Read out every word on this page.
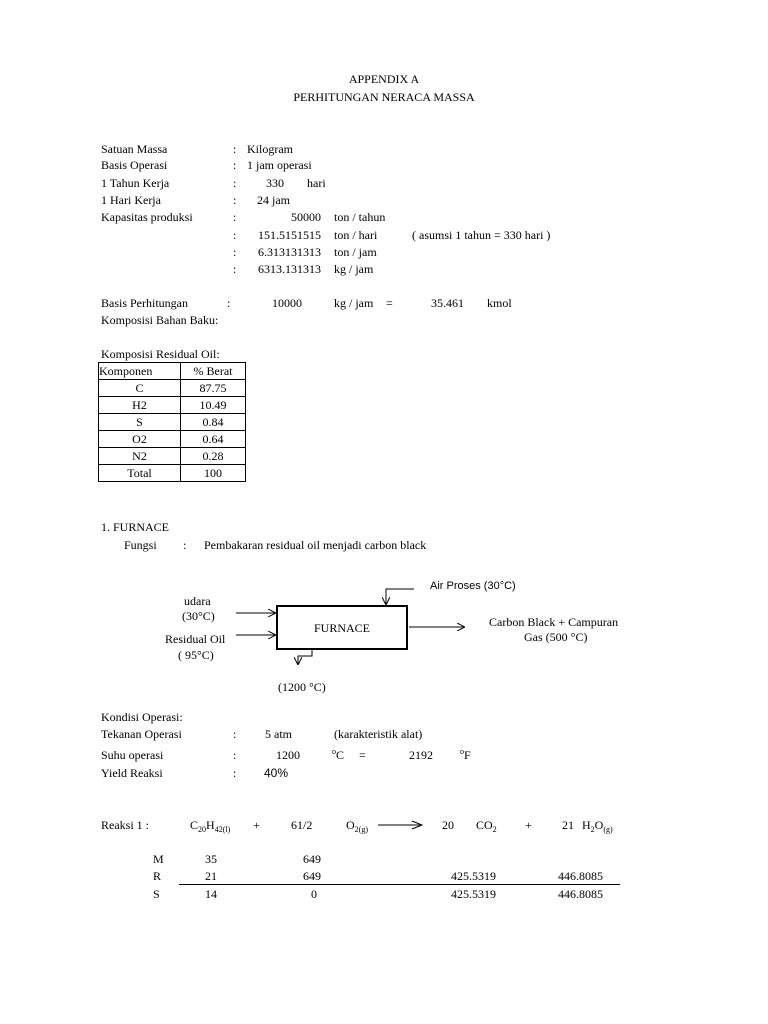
APPENDIX A
PERHITUNGAN NERACA MASSA
Satuan Massa	: Kilogram
Basis Operasi	: 1 jam operasi
1 Tahun Kerja	: 330 hari
1 Hari Kerja	: 24 jam
Kapasitas produksi	:	50000 ton / tahun
:	151.5151515 ton / hari	( asumsi 1 tahun = 330 hari )
:	6.313131313 ton / jam
:	6313.131313 kg / jam
Basis Perhitungan	:	10000	kg / jam =	35.461 kmol
Komposisi Bahan Baku:
Komposisi Residual Oil:
Komponen	% Berat
C	87.75
H2	10.49
S	0.84
O2	0.64
N2	0.28
Total	100
1. FURNACE
Fungsi : Pembakaran residual oil menjadi carbon black
FURNACE
Air Proses (30°C)
udara
(30°C)
Residual Oil
( 95°C)
Carbon Black + Campuran
Gas (500 °C)
(1200 °C)
Kondisi Operasi:
Tekanan Operasi	: 5 atm	(karakteristik alat)
Suhu operasi	:	1200	$^o$C =	2192	$^o$F
Yield Reaksi	: 40%
Reaksi 1 :	$C_{20}H_{42(l)}$ +	61/2	$O_{2(g)}$	20 $CO_2$ +	21 $H_2O_{(g)}$
M	35	649
R	21	649	425.5319	446.8085
S	14	0	425.5319	446.8085
